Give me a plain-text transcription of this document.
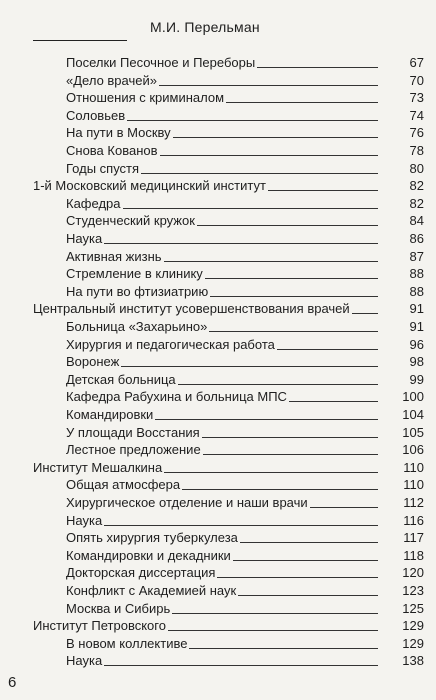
М.И. Перельман
Поселки Песочное и Переборы	67
«Дело врачей»	70
Отношения с криминалом	73
Соловьев	74
На пути в Москву	76
Снова Кованов	78
Годы спустя	80
1-й Московский медицинский институт	82
Кафедра	82
Студенческий кружок	84
Наука	86
Активная жизнь	87
Стремление в клинику	88
На пути во фтизиатрию	88
Центральный институт усовершенствования врачей	91
Больница «Захарьино»	91
Хирургия и педагогическая работа	96
Воронеж	98
Детская больница	99
Кафедра Рабухина и больница МПС	100
Командировки	104
У площади Восстания	105
Лестное предложение	106
Институт Мешалкина	110
Общая атмосфера	110
Хирургическое отделение и наши врачи	112
Наука	116
Опять хирургия туберкулеза	117
Командировки и декадники	118
Докторская диссертация	120
Конфликт с Академией наук	123
Москва и Сибирь	125
Институт Петровского	129
В новом коллективе	129
Наука	138
6
